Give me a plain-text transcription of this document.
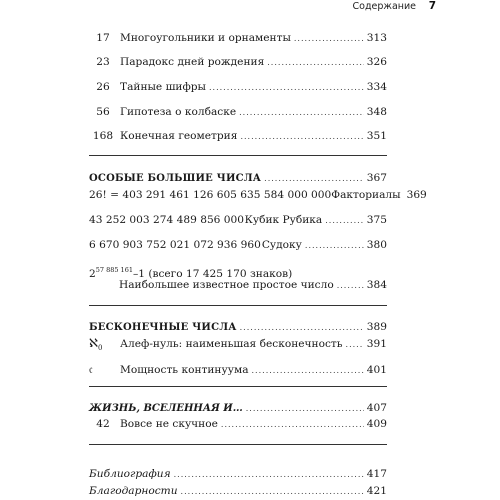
Содержание 7
17 Многоугольники и орнаменты .....	313
23 Парадокс дней рождения .....	326
26 Тайные шифры .....	334
56 Гипотеза о колбаске .....	348
168 Конечная геометрия .....	351
ОСОБЫЕ БОЛЬШИЕ ЧИСЛА .....	367
26! = 403 291 461 126 605 635 584 000 000 Факториалы 369
43 252 003 274 489 856 000 Кубик Рубика .....	375
6 670 903 752 021 072 936 960 Судоку .....	380
$2^{57 885 161}-1$ (всего 17 425 170 знаков)
Наибольшее известное простое число .....	384
БЕСКОНЕЧНЫЕ ЧИСЛА .....	389
ℵ$_0$	Алеф-нуль: наименьшая бесконечность ..... 391
𝔠	Мощность континуума .....	401
ЖИЗНЬ, ВСЕЛЕННАЯ И… .....	407
42 Вовсе не скучное .....	409
Библиография .....	417
Благодарности .....	421
